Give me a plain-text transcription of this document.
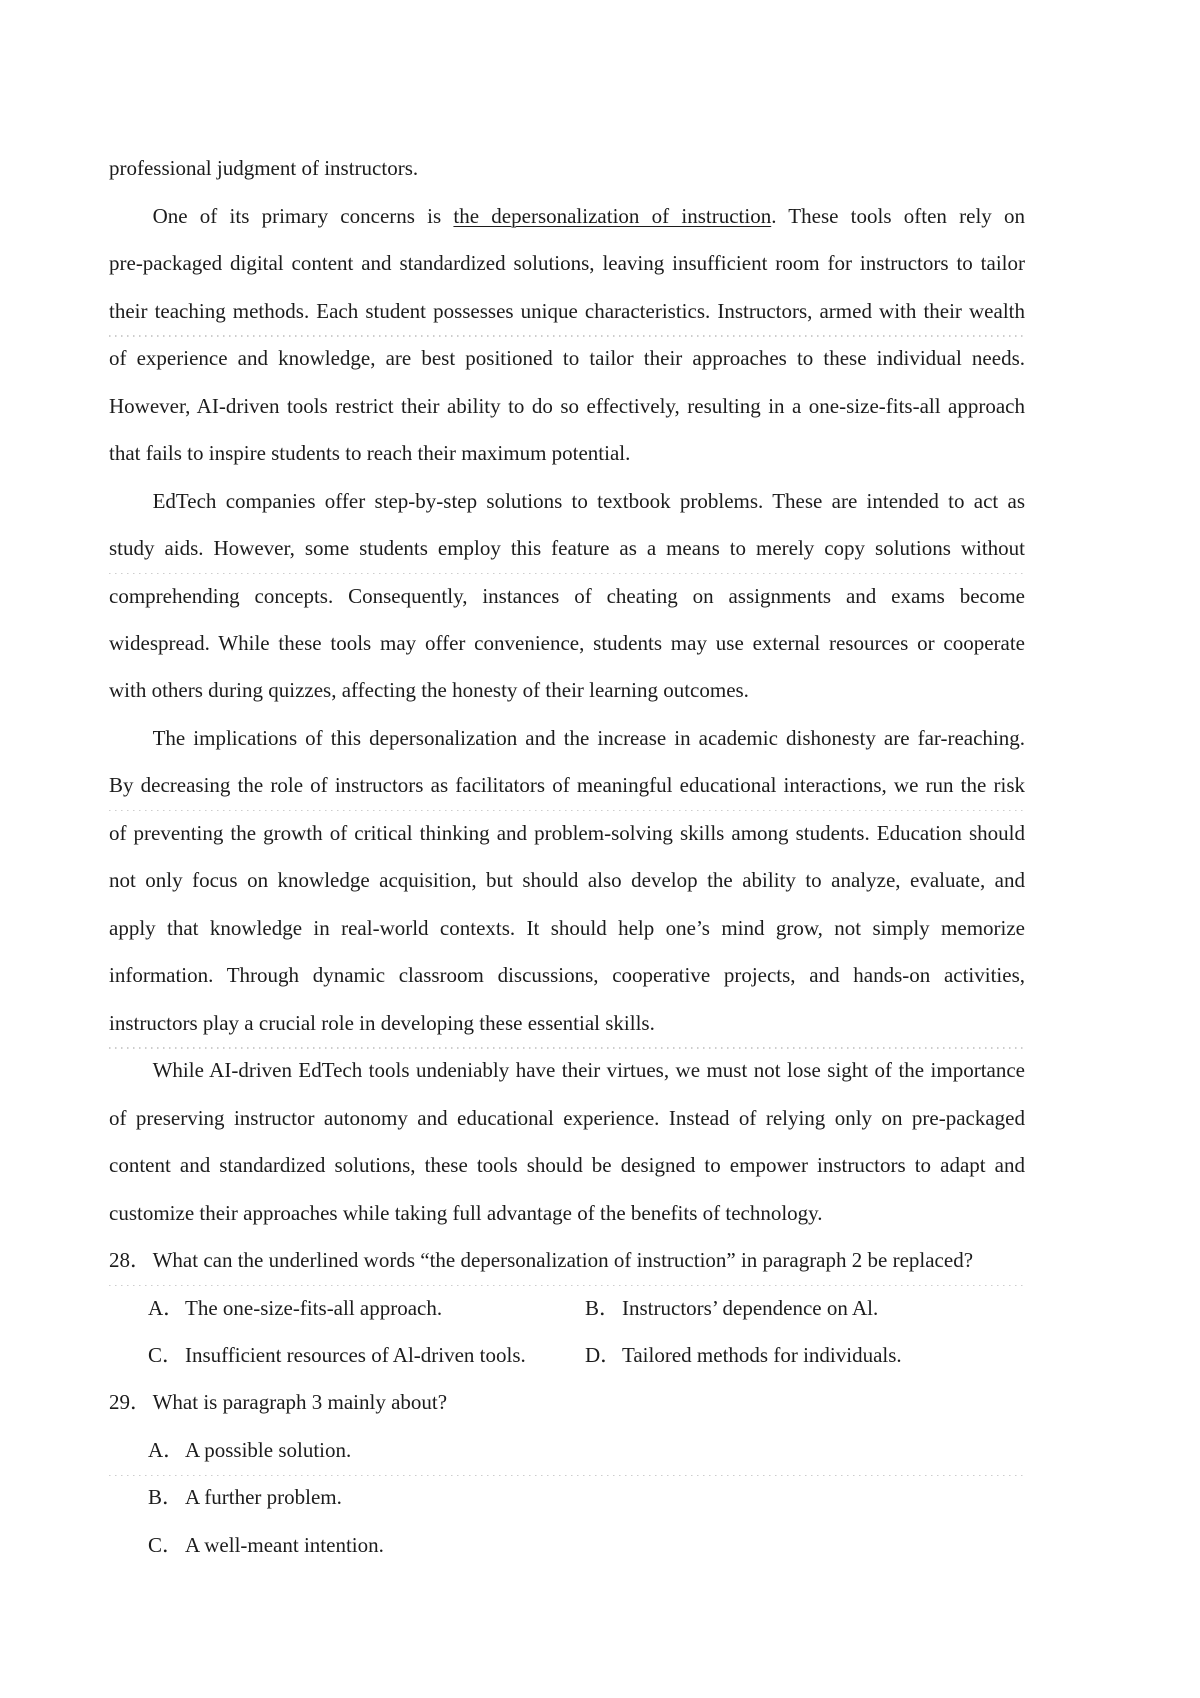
professional judgment of instructors.
One of its primary concerns is the depersonalization of instruction. These tools often rely on
pre-packaged digital content and standardized solutions, leaving insufficient room for instructors to tailor
their teaching methods. Each student possesses unique characteristics. Instructors, armed with their wealth
of experience and knowledge, are best positioned to tailor their approaches to these individual needs.
However, AI-driven tools restrict their ability to do so effectively, resulting in a one-size-fits-all approach
that fails to inspire students to reach their maximum potential.
EdTech companies offer step-by-step solutions to textbook problems. These are intended to act as
study aids. However, some students employ this feature as a means to merely copy solutions without
comprehending concepts. Consequently, instances of cheating on assignments and exams become
widespread. While these tools may offer convenience, students may use external resources or cooperate
with others during quizzes, affecting the honesty of their learning outcomes.
The implications of this depersonalization and the increase in academic dishonesty are far-reaching.
By decreasing the role of instructors as facilitators of meaningful educational interactions, we run the risk
of preventing the growth of critical thinking and problem-solving skills among students. Education should
not only focus on knowledge acquisition, but should also develop the ability to analyze, evaluate, and
apply that knowledge in real-world contexts. It should help one’s mind grow, not simply memorize
information. Through dynamic classroom discussions, cooperative projects, and hands-on activities,
instructors play a crucial role in developing these essential skills.
While AI-driven EdTech tools undeniably have their virtues, we must not lose sight of the importance
of preserving instructor autonomy and educational experience. Instead of relying only on pre-packaged
content and standardized solutions, these tools should be designed to empower instructors to adapt and
customize their approaches while taking full advantage of the benefits of technology.
28． What can the underlined words “the depersonalization of instruction” in paragraph 2 be replaced?
A． The one-size-fits-all approach.	B． Instructors’ dependence on Al.
C． Insufficient resources of Al-driven tools.	D． Tailored methods for individuals.
29． What is paragraph 3 mainly about?
A． A possible solution.
B． A further problem.
C． A well-meant intention.
